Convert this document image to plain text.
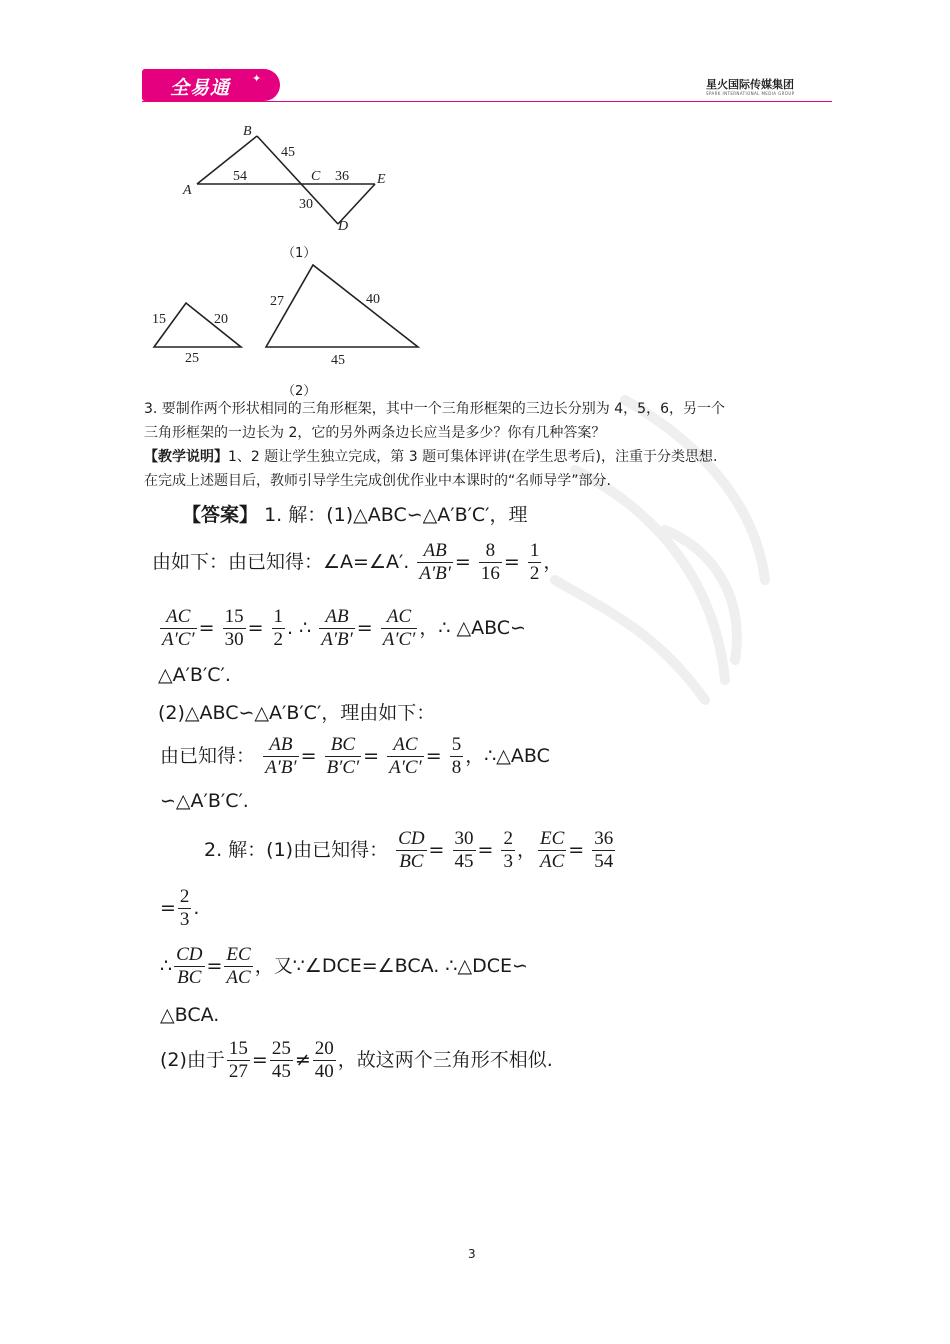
全易通 ✦	星火国际传媒集团
SPARK INTERNATIONAL MEDIA GROUP
B
A
C	E
D
45
54	36
30
（1）
15	20
25
27	40
45
（2）
3. 要制作两个形状相同的三角形框架，其中一个三角形框架的三边长分别为 4，5，6，另一个
三角形框架的一边长为 2，它的另外两条边长应当是多少？你有几种答案？
【教学说明】1、2 题让学生独立完成，第 3 题可集体评讲(在学生思考后)，注重于分类思想.
在完成上述题目后，教师引导学生完成创优作业中本课时的“名师导学”部分.
【答案】 1. 解：(1)△ABC∽△A′B′C′，理
由如下：由已知得：∠A=∠A′. $\frac{AB}{A'B'} = \frac{8}{16} = \frac{1}{2}$ ，
$\frac{AC}{A'C'} = \frac{15}{30} = \frac{1}{2}$ . ∴ $\frac{AB}{A'B'} = \frac{AC}{A'C'}$ ，∴ △ABC∽
△A′B′C′.
(2)△ABC∽△A′B′C′，理由如下：
由已知得： $\frac{AB}{A'B'} = \frac{BC}{B'C'} = \frac{AC}{A'C'} = \frac{5}{8}$ ，∴△ABC
∽△A′B′C′.
2. 解：(1)由已知得： $\frac{CD}{BC} = \frac{30}{45} = \frac{2}{3}$ ， $\frac{EC}{AC} = \frac{36}{54}$
= $\frac{2}{3}$ .
∴ $\frac{CD}{BC} = \frac{EC}{AC}$ ，又∵∠DCE=∠BCA. ∴△DCE∽
△BCA.
(2)由于 $\frac{15}{27} = \frac{25}{45} \ne \frac{20}{40}$ ，故这两个三角形不相似.
3
